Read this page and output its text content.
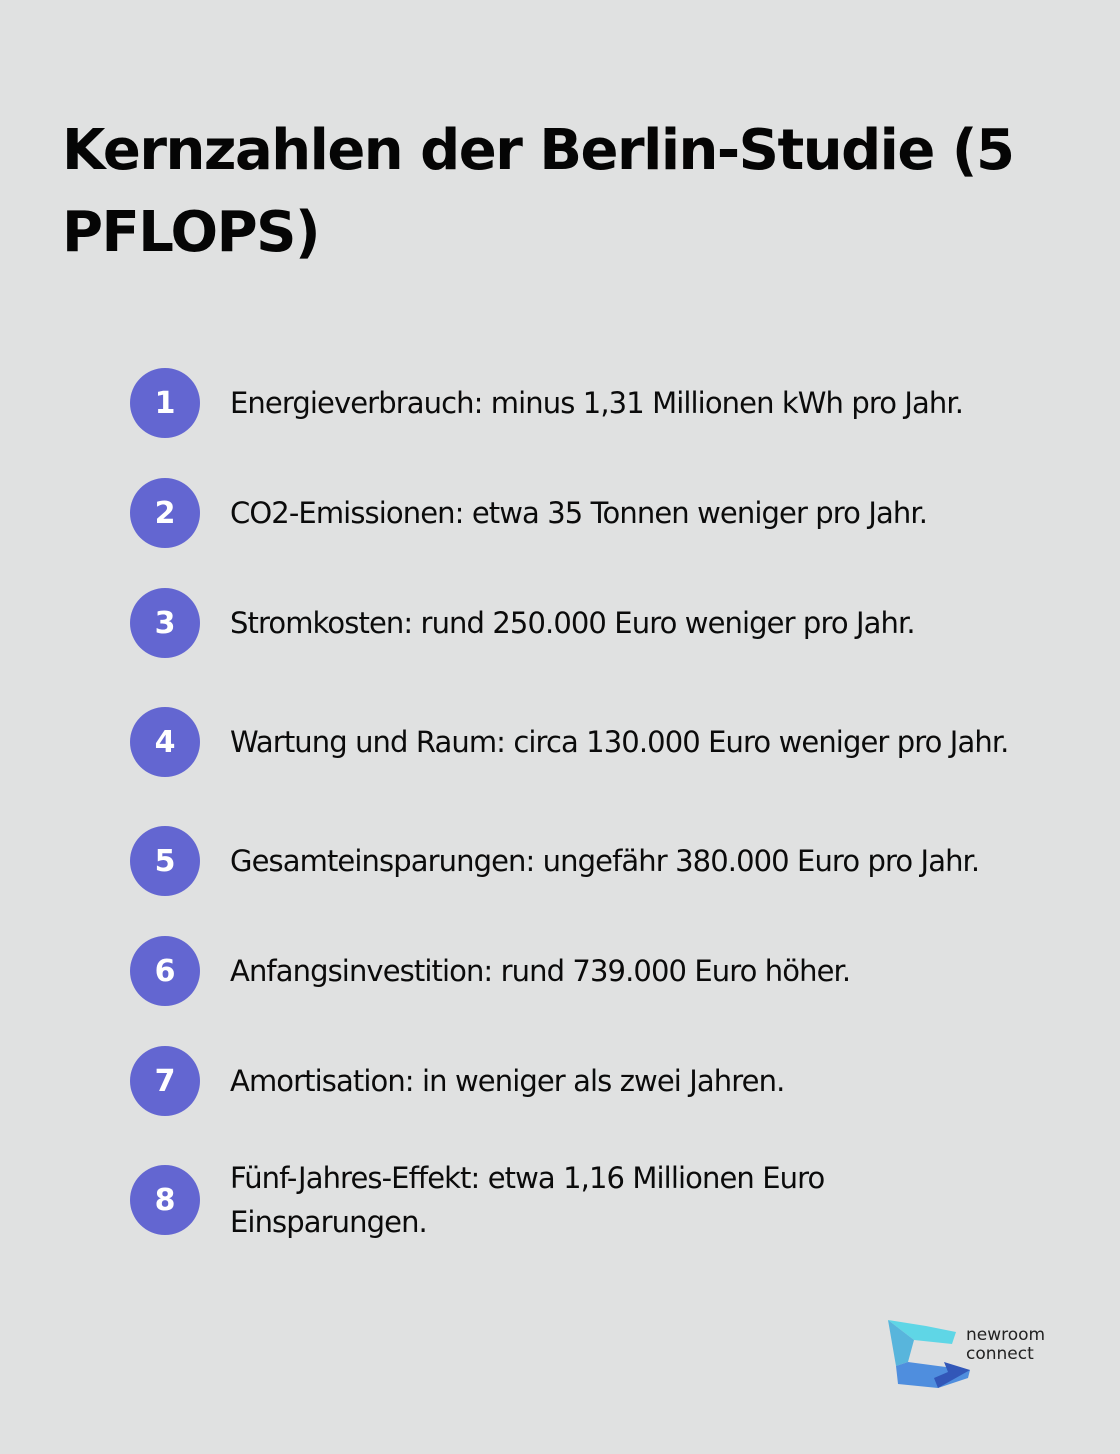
Kernzahlen der Berlin-Studie (5 PFLOPS)
1	Energieverbrauch: minus 1,31 Millionen kWh pro Jahr.
2	CO2-Emissionen: etwa 35 Tonnen weniger pro Jahr.
3	Stromkosten: rund 250.000 Euro weniger pro Jahr.
4	Wartung und Raum: circa 130.000 Euro weniger pro Jahr.
5	Gesamteinsparungen: ungefähr 380.000 Euro pro Jahr.
6	Anfangsinvestition: rund 739.000 Euro höher.
7	Amortisation: in weniger als zwei Jahren.
8
Fünf-Jahres-Effekt: etwa 1,16 Millionen Euro Einsparungen.
newroom
connect
